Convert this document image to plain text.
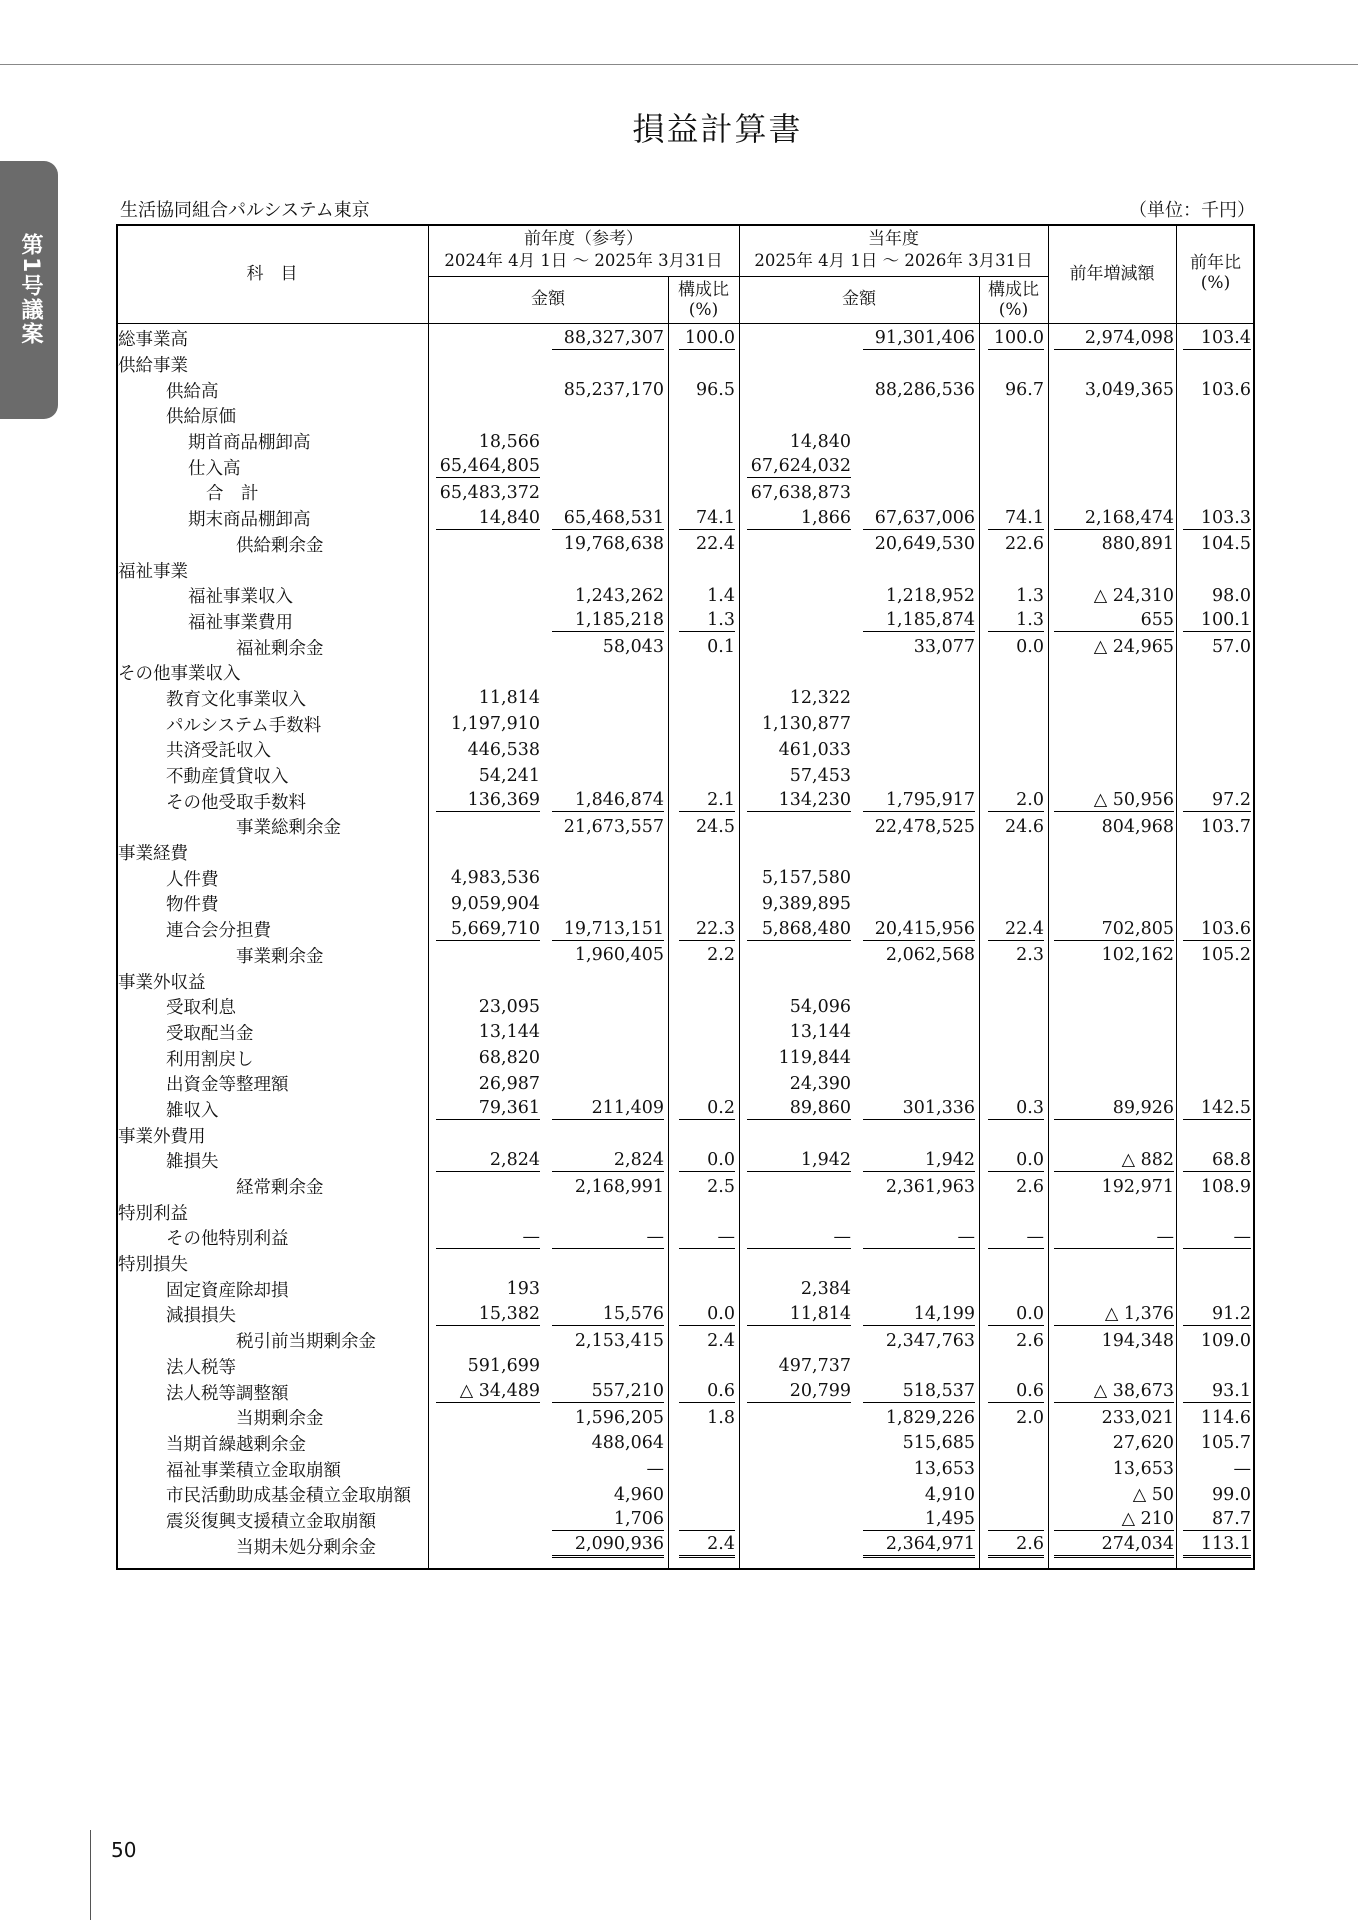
第1号議案
損益計算書
生活協同組合パルシステム東京	（単位：千円）
科　目
前年度（参考）
2024年 4月 1日 ～ 2025年 3月31日
当年度
2025年 4月 1日 ～ 2026年 3月31日
金額	構成比
(%)
金額	構成比
(%)
前年増減額
前年比
(%)
総事業高		88,327,307	100.0		91,301,406	100.0	2,974,098	103.4
供給事業								
供給高		85,237,170	96.5		88,286,536	96.7	3,049,365	103.6
供給原価								
期首商品棚卸高	18,566			14,840				
仕入高	65,464,805			67,624,032				
合　計	65,483,372			67,638,873				
期末商品棚卸高	14,840	65,468,531	74.1	1,866	67,637,006	74.1	2,168,474	103.3
供給剰余金		19,768,638	22.4		20,649,530	22.6	880,891	104.5
福祉事業								
福祉事業収入		1,243,262	1.4		1,218,952	1.3	△ 24,310	98.0
福祉事業費用		1,185,218	1.3		1,185,874	1.3	655	100.1
福祉剰余金		58,043	0.1		33,077	0.0	△ 24,965	57.0
その他事業収入								
教育文化事業収入	11,814			12,322				
パルシステム手数料	1,197,910			1,130,877				
共済受託収入	446,538			461,033				
不動産賃貸収入	54,241			57,453				
その他受取手数料	136,369	1,846,874	2.1	134,230	1,795,917	2.0	△ 50,956	97.2
事業総剰余金		21,673,557	24.5		22,478,525	24.6	804,968	103.7
事業経費								
人件費	4,983,536			5,157,580				
物件費	9,059,904			9,389,895				
連合会分担費	5,669,710	19,713,151	22.3	5,868,480	20,415,956	22.4	702,805	103.6
事業剰余金		1,960,405	2.2		2,062,568	2.3	102,162	105.2
事業外収益								
受取利息	23,095			54,096				
受取配当金	13,144			13,144				
利用割戻し	68,820			119,844				
出資金等整理額	26,987			24,390				
雑収入	79,361	211,409	0.2	89,860	301,336	0.3	89,926	142.5
事業外費用								
雑損失	2,824	2,824	0.0	1,942	1,942	0.0	△ 882	68.8
経常剰余金		2,168,991	2.5		2,361,963	2.6	192,971	108.9
特別利益								
その他特別利益	—	—	—	—	—	—	—	—
特別損失								
固定資産除却損	193			2,384				
減損損失	15,382	15,576	0.0	11,814	14,199	0.0	△ 1,376	91.2
税引前当期剰余金		2,153,415	2.4		2,347,763	2.6	194,348	109.0
法人税等	591,699			497,737				
法人税等調整額	△ 34,489	557,210	0.6	20,799	518,537	0.6	△ 38,673	93.1
当期剰余金		1,596,205	1.8		1,829,226	2.0	233,021	114.6
当期首繰越剰余金		488,064			515,685		27,620	105.7
福祉事業積立金取崩額		—			13,653		13,653	—
市民活動助成基金積立金取崩額		4,960			4,910		△ 50	99.0
震災復興支援積立金取崩額		1,706			1,495		△ 210	87.7
当期未処分剰余金		2,090,936	2.4		2,364,971	2.6	274,034	113.1
50
